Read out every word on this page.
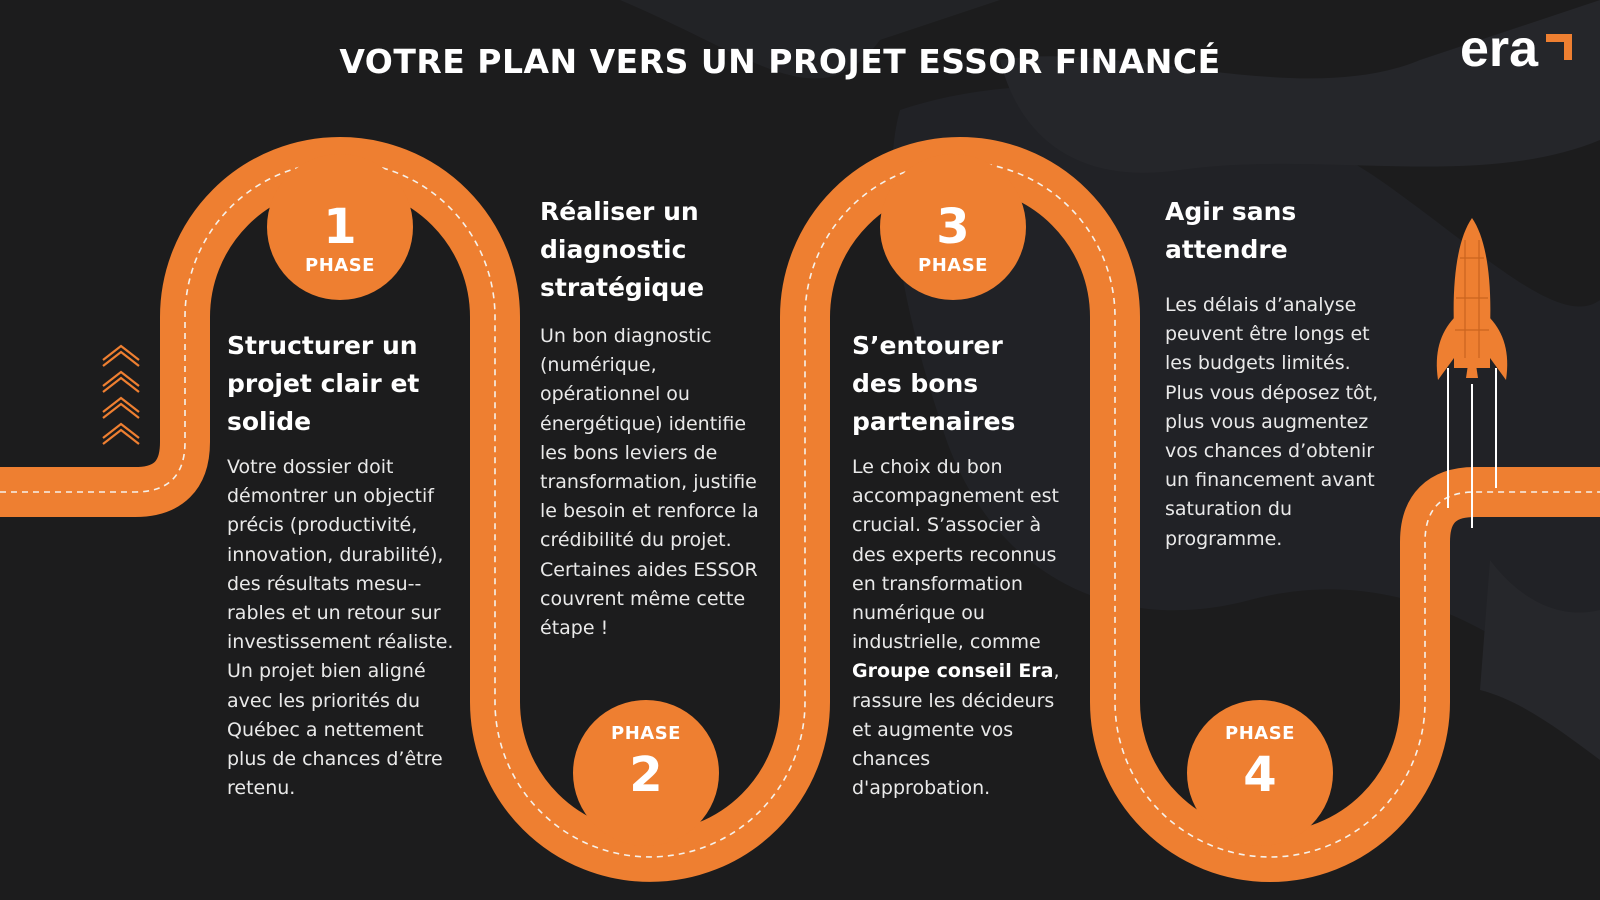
VOTRE PLAN VERS UN PROJET ESSOR FINANCÉ	era
1
PHASE
Structurer un projet clair et solide
Votre dossier doit démontrer un objectif précis (productivité, innovation, durabilité), des résultats mesu--rables et un retour sur investissement réaliste. Un projet bien aligné avec les priorités du Québec a nettement plus de chances d’être retenu.
PHASE
2
Réaliser un diagnostic stratégique
Un bon diagnostic (numérique, opérationnel ou énergétique) identifie les bons leviers de transformation, justifie le besoin et renforce la crédibilité du projet. Certaines aides ESSOR couvrent même cette étape !
3
PHASE
S’entourer des bons partenaires
Le choix du bon accompagnement est crucial. S’associer à des experts reconnus en transformation numérique ou industrielle, comme Groupe conseil Era, rassure les décideurs et augmente vos chances d'approbation.
PHASE
4
Agir sans attendre
Les délais d’analyse peuvent être longs et les budgets limités. Plus vous déposez tôt, plus vous augmentez vos chances d’obtenir un financement avant saturation du programme.
